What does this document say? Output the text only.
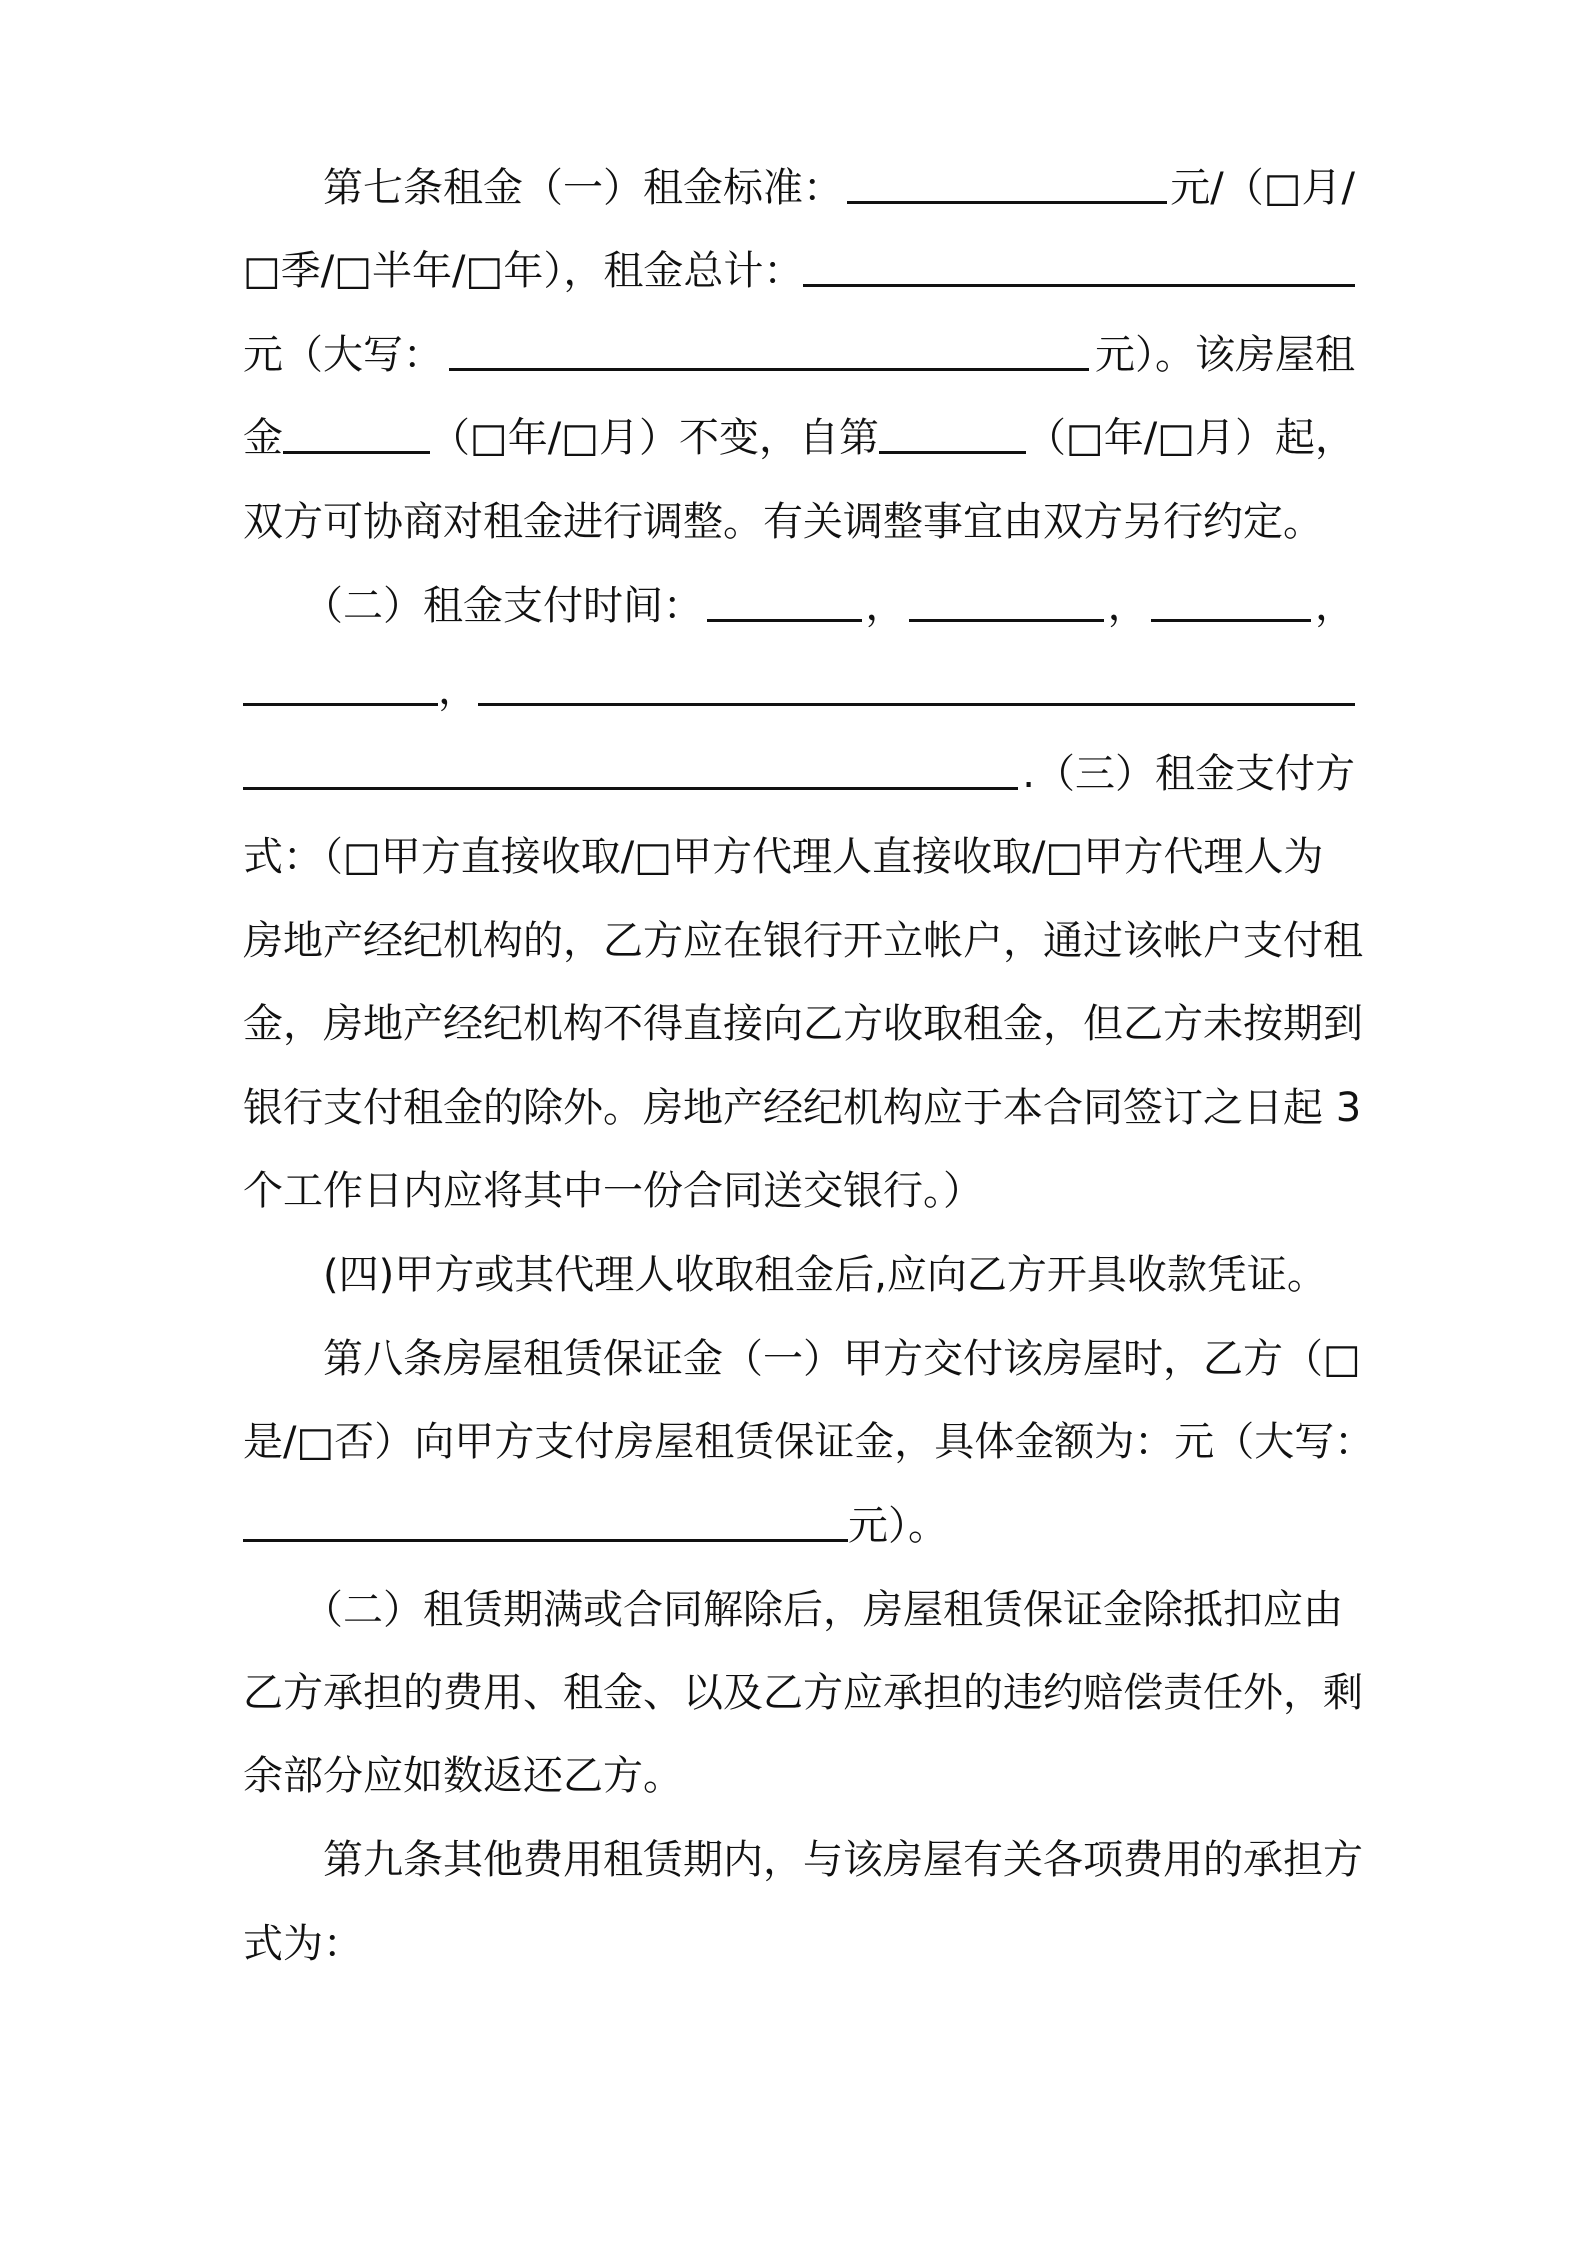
　　第七条租金（一）租金标准：	元/（□月/
□季/□半年/□年），租金总计：
元（大写：	元）。该房屋租
金	（□年/□月）不变，自第	（□年/□月）起，
双方可协商对租金进行调整。有关调整事宜由双方另行约定。
　　（二）租金支付时间：	，	，	，
，
.（三）租金支付方
式：（□甲方直接收取/□甲方代理人直接收取/□甲方代理人为
房地产经纪机构的，乙方应在银行开立帐户，通过该帐户支付租
金，房地产经纪机构不得直接向乙方收取租金，但乙方未按期到
银行支付租金的除外。房地产经纪机构应于本合同签订之日起 3
个工作日内应将其中一份合同送交银行。）
　　(四)甲方或其代理人收取租金后,应向乙方开具收款凭证。
　　第八条房屋租赁保证金（一）甲方交付该房屋时，乙方（□
是/□否）向甲方支付房屋租赁保证金，具体金额为：元（大写：
元）。
　　（二）租赁期满或合同解除后，房屋租赁保证金除抵扣应由
乙方承担的费用、租金、以及乙方应承担的违约赔偿责任外，剩
余部分应如数返还乙方。
　　第九条其他费用租赁期内，与该房屋有关各项费用的承担方
式为：
